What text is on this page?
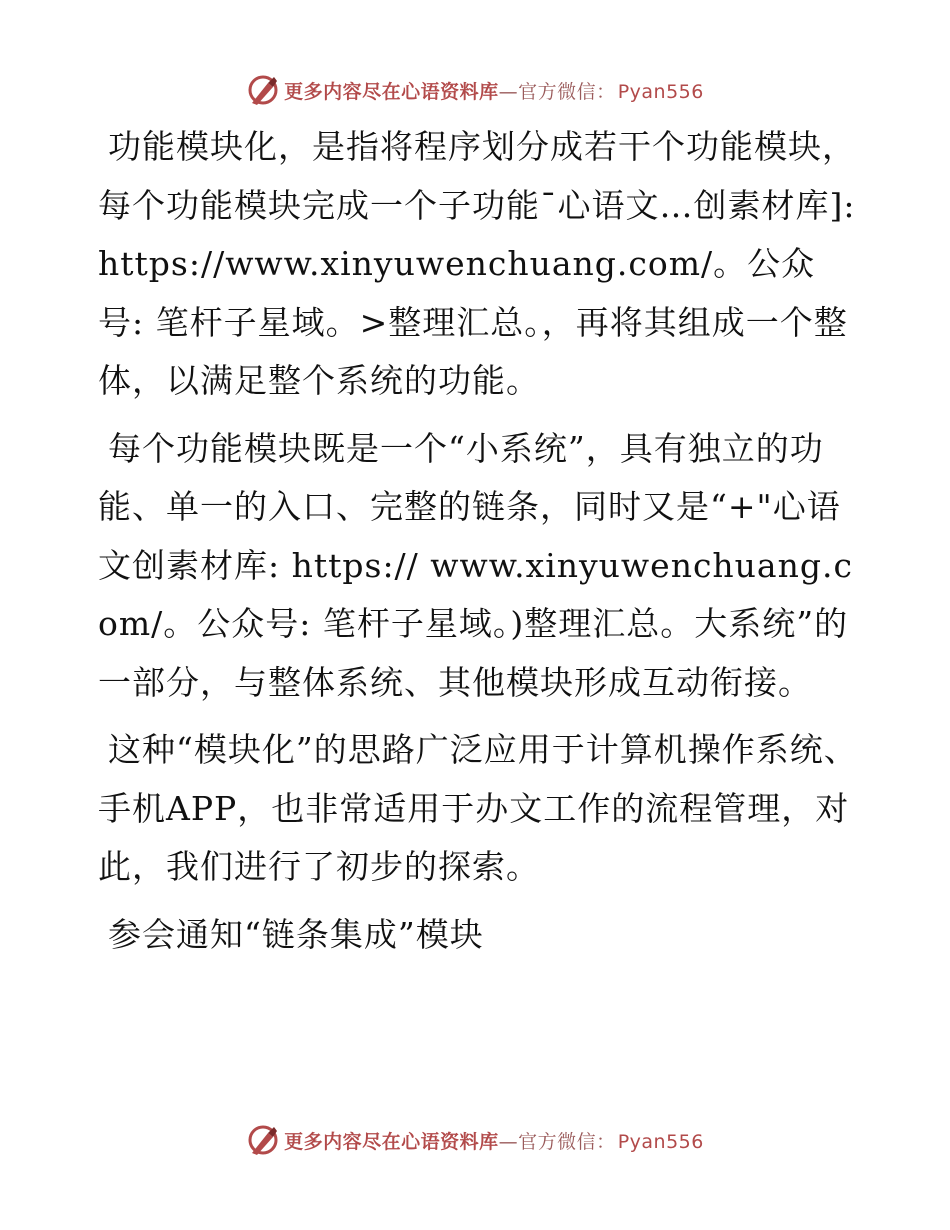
更多内容尽在心语资料库—官方微信： Pyan556

功能模块化，是指将程序划分成若干个功能模块，每个功能模块完成一个子功能¯心语文…创素材库]: https://www.xinyuwenchuang.com/。公众号: 笔杆子星域。>整理汇总。，再将其组成一个整体，以满足整个系统的功能。

每个功能模块既是一个“小系统”，具有独立的功能、单一的入口、完整的链条，同时又是“+"心语文创素材库: https:// www.xinyuwenchuang.com/。公众号: 笔杆子星域。)整理汇总。大系统”的一部分，与整体系统、其他模块形成互动衔接。

这种“模块化”的思路广泛应用于计算机操作系统、手机APP，也非常适用于办文工作的流程管理，对此，我们进行了初步的探索。

参会通知“链条集成”模块

更多内容尽在心语资料库—官方微信： Pyan556
